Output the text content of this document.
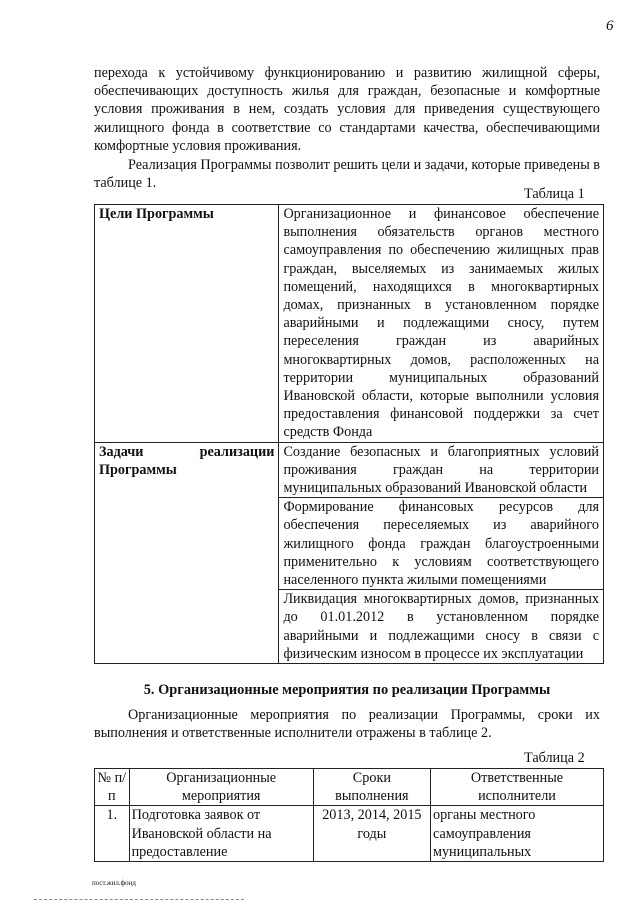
6

перехода к устойчивому функционированию и развитию жилищной сферы, обеспечивающих доступность жилья для граждан, безопасные и комфортные условия проживания в нем, создать условия для приведения существующего жилищного фонда в соответствие со стандартами качества, обеспечивающими комфортные условия проживания.

Реализация Программы позволит решить цели и задачи, которые приведены в таблице 1.

Таблица 1
Цели Программы	Организационное и финансовое обеспечение выполнения обязательств органов местного самоуправления по обеспечению жилищных прав граждан, выселяемых из занимаемых жилых помещений, находящихся в многоквартирных домах, признанных в установленном порядке аварийными и подлежащими сносу, путем переселения граждан из аварийных многоквартирных домов, расположенных на территории муниципальных образований Ивановской области, которые выполнили условия предоставления финансовой поддержки за счет средств Фонда

Задачи реализации
Программы	Создание безопасных и благоприятных условий проживания граждан на территории муниципальных образований Ивановской области
	Формирование финансовых ресурсов для обеспечения переселяемых из аварийного жилищного фонда граждан благоустроенными применительно к условиям соответствующего населенного пункта жилыми помещениями
	Ликвидация многоквартирных домов, признанных до 01.01.2012 в установленном порядке аварийными и подлежащими сносу в связи с физическим износом в процессе их эксплуатации
5. Организационные мероприятия по реализации Программы

Организационные мероприятия по реализации Программы, сроки их выполнения и ответственные исполнители отражены в таблице 2.

Таблица 2
№ п/п	Организационные мероприятия	Сроки выполнения	Ответственные исполнители
1.	Подготовка заявок от Ивановской области на предоставление	2013, 2014, 2015 годы	органы местного самоуправления муниципальных
пост.жил.фонд
